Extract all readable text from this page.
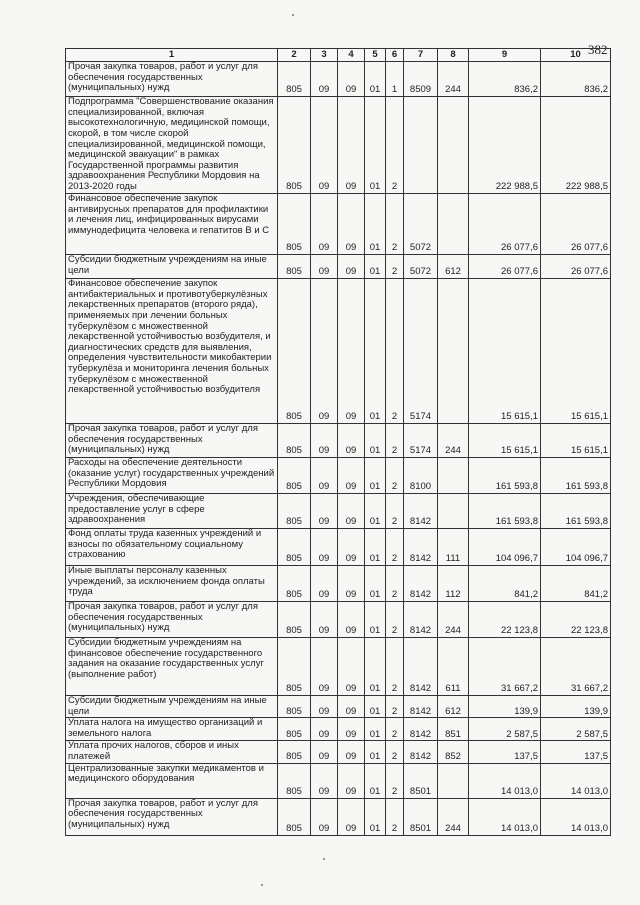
382
1	2	3	4	5	6	7	8	9	10
Прочая закупка товаров, работ и услуг для обеспечения государственных (муниципальных) нужд	805	09	09	01	1	8509	244	836,2	836,2
Подпрограмма "Совершенствование оказания специализированной, включая высокотехнологичную, медицинской помощи, скорой, в том числе скорой специализированной, медицинской помощи, медицинской эвакуации" в рамках Государственной программы развития здравоохранения Республики Мордовия на 2013-2020 годы	805	09	09	01	2			222 988,5	222 988,5
Финансовое обеспечение закупок антивирусных препаратов для профилактики и лечения лиц, инфицированных вирусами иммунодефицита человека и гепатитов В и С	805	09	09	01	2	5072		26 077,6	26 077,6
Субсидии бюджетным учреждениям на иные цели	805	09	09	01	2	5072	612	26 077,6	26 077,6
Финансовое обеспечение закупок антибактериальных и противотуберкулёзных лекарственных препаратов (второго ряда), применяемых при лечении больных туберкулёзом с множественной лекарственной устойчивостью возбудителя, и диагностических средств для выявления, определения чувствительности микобактерии туберкулёза и мониторинга лечения больных туберкулёзом с множественной лекарственной устойчивостью возбудителя	805	09	09	01	2	5174		15 615,1	15 615,1
Прочая закупка товаров, работ и услуг для обеспечения государственных (муниципальных) нужд	805	09	09	01	2	5174	244	15 615,1	15 615,1
Расходы на обеспечение деятельности (оказание услуг) государственных учреждений Республики Мордовия	805	09	09	01	2	8100		161 593,8	161 593,8
Учреждения, обеспечивающие предоставление услуг в сфере здравоохранения	805	09	09	01	2	8142		161 593,8	161 593,8
Фонд оплаты труда казенных учреждений и взносы по обязательному социальному страхованию	805	09	09	01	2	8142	111	104 096,7	104 096,7
Иные выплаты персоналу казенных учреждений, за исключением фонда оплаты труда	805	09	09	01	2	8142	112	841,2	841,2
Прочая закупка товаров, работ и услуг для обеспечения государственных (муниципальных) нужд	805	09	09	01	2	8142	244	22 123,8	22 123,8
Субсидии бюджетным учреждениям на финансовое обеспечение государственного задания на оказание государственных услуг (выполнение работ)	805	09	09	01	2	8142	611	31 667,2	31 667,2
Субсидии бюджетным учреждениям на иные цели	805	09	09	01	2	8142	612	139,9	139,9
Уплата налога на имущество организаций и земельного налога	805	09	09	01	2	8142	851	2 587,5	2 587,5
Уплата прочих налогов, сборов и иных платежей	805	09	09	01	2	8142	852	137,5	137,5
Централизованные закупки медикаментов и медицинского оборудования	805	09	09	01	2	8501		14 013,0	14 013,0
Прочая закупка товаров, работ и услуг для обеспечения государственных (муниципальных) нужд	805	09	09	01	2	8501	244	14 013,0	14 013,0
